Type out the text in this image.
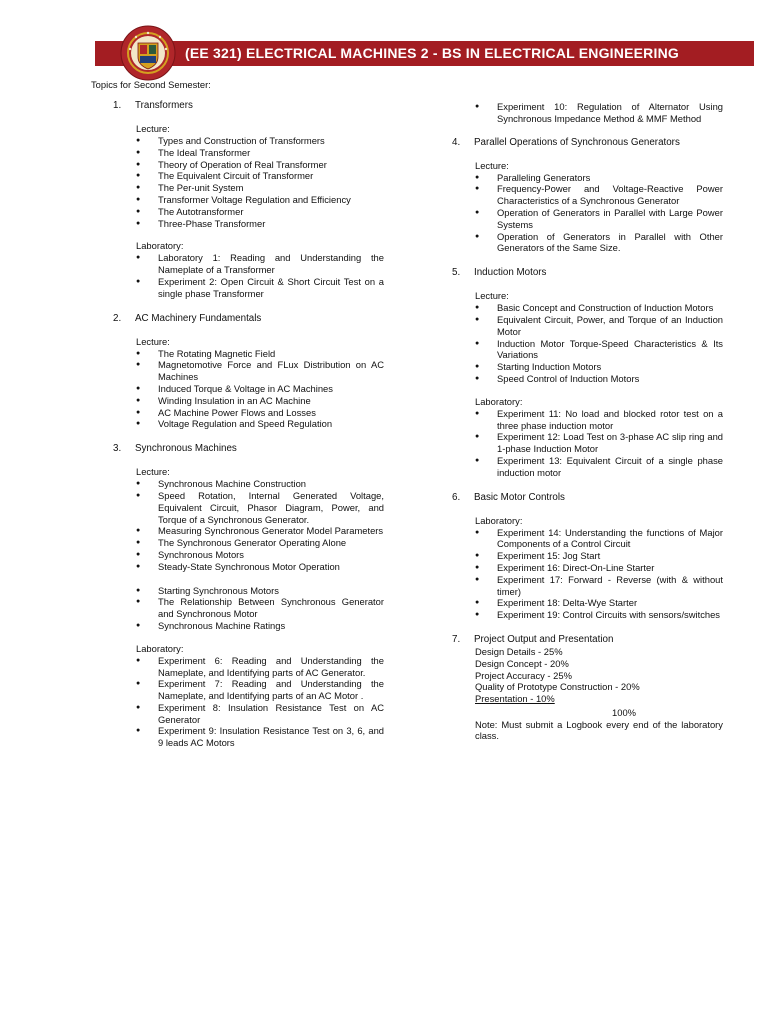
(EE 321) ELECTRICAL MACHINES 2 - BS IN ELECTRICAL ENGINEERING
Topics for Second Semester:
1.	Transformers
Lecture:
● Types and Construction of Transformers
● The Ideal Transformer
● Theory of Operation of Real Transformer
● The Equivalent Circuit of Transformer
● The Per-unit System
● Transformer Voltage Regulation and Efficiency
● The Autotransformer
● Three-Phase Transformer
Laboratory:
● Laboratory 1: Reading and Understanding the Nameplate of a Transformer
● Experiment 2: Open Circuit & Short Circuit Test on a single phase Transformer
2.	AC Machinery Fundamentals
Lecture:
● The Rotating Magnetic Field
● Magnetomotive Force and FLux Distribution on AC Machines
● Induced Torque & Voltage in AC Machines
● Winding Insulation in an AC Machine
● AC Machine Power Flows and Losses
● Voltage Regulation and Speed Regulation
3.	Synchronous Machines
Lecture:
● Synchronous Machine Construction
● Speed Rotation, Internal Generated Voltage, Equivalent Circuit, Phasor Diagram, Power, and Torque of a Synchronous Generator.
● Measuring Synchronous Generator Model Parameters
● The Synchronous Generator Operating Alone
● Synchronous Motors
● Steady-State Synchronous Motor Operation
● Starting Synchronous Motors
● The Relationship Between Synchronous Generator and Synchronous Motor
● Synchronous Machine Ratings
Laboratory:
● Experiment 6: Reading and Understanding the Nameplate, and Identifying parts of AC Generator.
● Experiment 7: Reading and Understanding the Nameplate, and Identifying parts of an AC Motor .
● Experiment 8: Insulation Resistance Test on AC Generator
● Experiment 9: Insulation Resistance Test on 3, 6, and 9 leads AC Motors
● Experiment 10: Regulation of Alternator Using Synchronous Impedance Method & MMF Method
4.	Parallel Operations of Synchronous Generators
Lecture:
● Paralleling Generators
● Frequency-Power and Voltage-Reactive Power Characteristics of a Synchronous Generator
● Operation of Generators in Parallel with Large Power Systems
● Operation of Generators in Parallel with Other Generators of the Same Size.
5.	Induction Motors
Lecture:
● Basic Concept and Construction of Induction Motors
● Equivalent Circuit, Power, and Torque of an Induction Motor
● Induction Motor Torque-Speed Characteristics & Its Variations
● Starting Induction Motors
● Speed Control of Induction Motors
Laboratory:
● Experiment 11: No load and blocked rotor test on a three phase induction motor
● Experiment 12: Load Test on 3-phase AC slip ring and 1-phase Induction Motor
● Experiment 13: Equivalent Circuit of a single phase induction motor
6.	Basic Motor Controls
Laboratory:
● Experiment 14: Understanding the functions of Major Components of a Control Circuit
● Experiment 15: Jog Start
● Experiment 16: Direct-On-Line Starter
● Experiment 17: Forward - Reverse (with & without timer)
● Experiment 18: Delta-Wye Starter
● Experiment 19: Control Circuits with sensors/switches
7.	Project Output and Presentation
Design Details - 25%
Design Concept - 20%
Project Accuracy - 25%
Quality of Prototype Construction - 20%
Presentation - 10%
100%
Note: Must submit a Logbook every end of the laboratory class.
